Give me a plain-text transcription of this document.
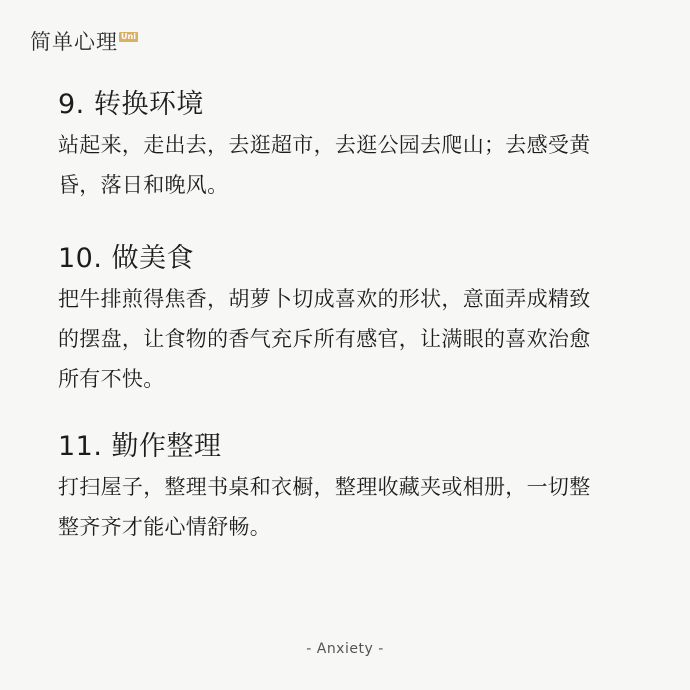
简单心理 Uni
9. 转换环境

站起来，走出去，去逛超市，去逛公园去爬山；去感受黄
昏，落日和晚风。

10. 做美食

把牛排煎得焦香，胡萝卜切成喜欢的形状，意面弄成精致
的摆盘，让食物的香气充斥所有感官，让满眼的喜欢治愈
所有不快。

11. 勤作整理

打扫屋子，整理书桌和衣橱，整理收藏夹或相册，一切整
整齐齐才能心情舒畅。

- Anxiety -
